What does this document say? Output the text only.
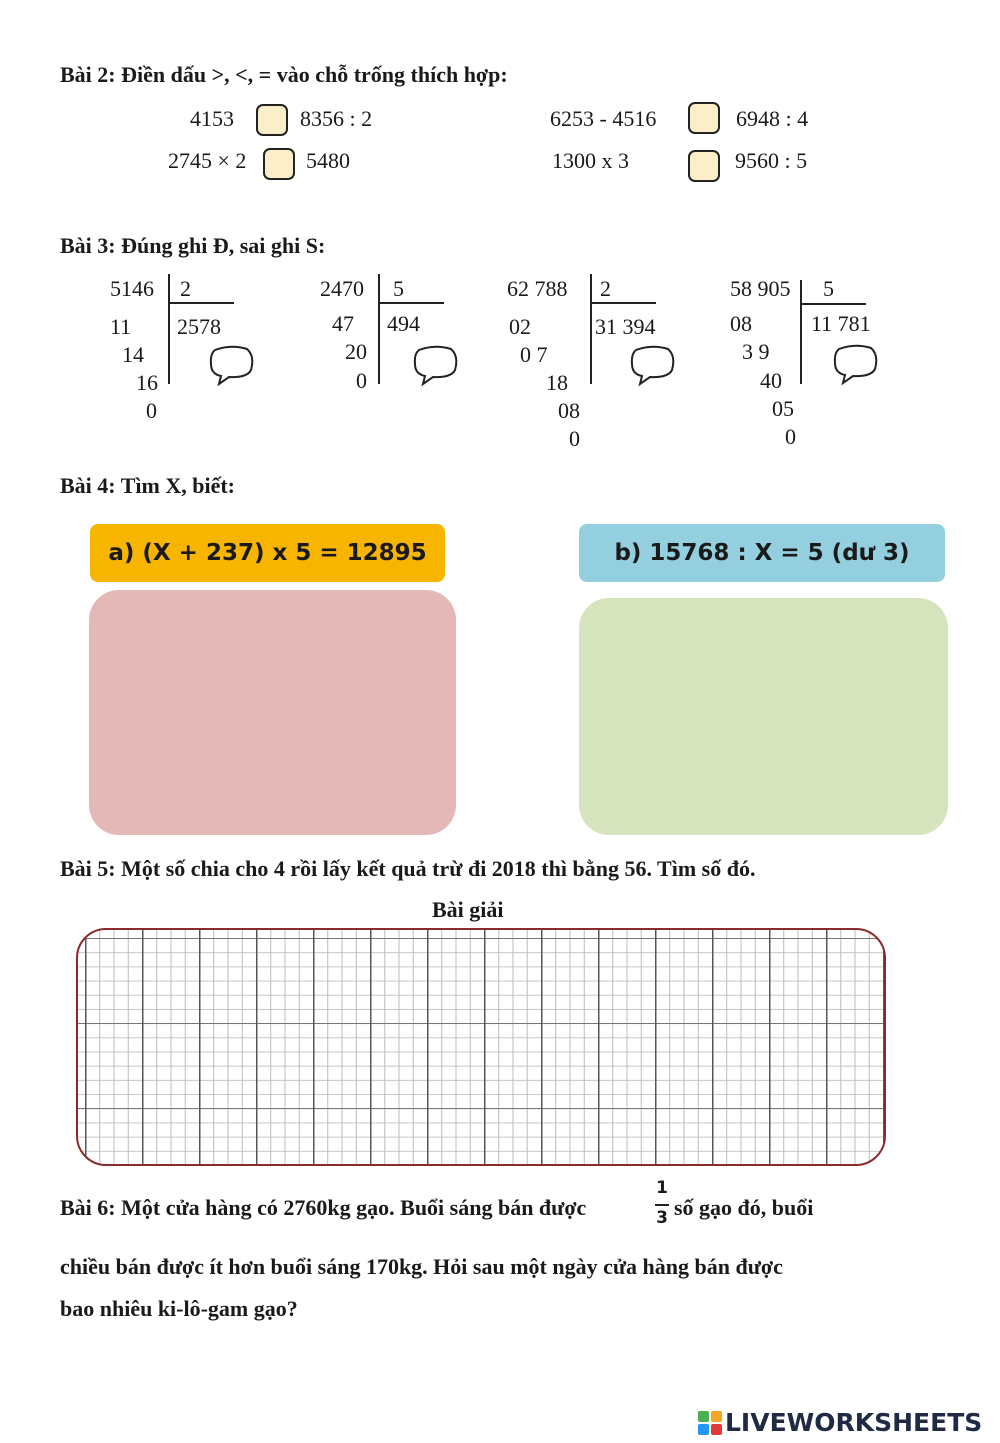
Bài 2: Điền dấu >, <, = vào chỗ trống thích hợp:
4153	8356 : 2	6253 - 4516	6948 : 4
2745 × 2	5480	1300 x 3	9560 : 5
Bài 3: Đúng ghi Đ, sai ghi S:
5146 2
2578
11
14
16
0
2470 5
494
47
20
0
62 788 2
31 394
02
0 7
18
08
0
58 905 5
11 781
08
3 9
40
05
0
Bài 4: Tìm X, biết:
a) (X + 237) x 5 = 12895	b) 15768 : X = 5 (dư 3)
Bài 5: Một số chia cho 4 rồi lấy kết quả trừ đi 2018 thì bằng 56. Tìm số đó.
Bài giải
Bài 6: Một cửa hàng có 2760kg gạo. Buổi sáng bán được
1
3 số gạo đó, buổi
chiều bán được ít hơn buổi sáng 170kg. Hỏi sau một ngày cửa hàng bán được
bao nhiêu ki-lô-gam gạo?
LIVEWORKSHEETS
